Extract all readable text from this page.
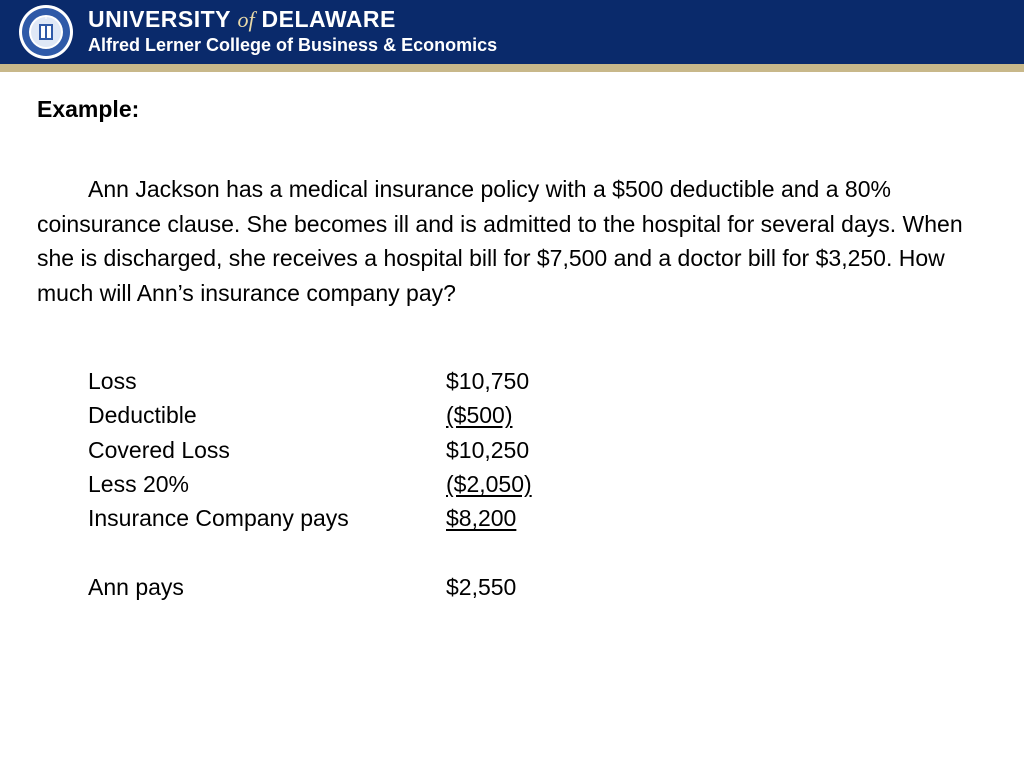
UNIVERSITY of DELAWARE
Alfred Lerner College of Business & Economics

Example:

Ann Jackson has a medical insurance policy with a $500 deductible and a 80% coinsurance clause. She becomes ill and is admitted to the hospital for several days. When she is discharged, she receives a hospital bill for $7,500 and a doctor bill for $3,250. How much will Ann’s insurance company pay?

Loss	$10,750
Deductible	($500)
Covered Loss	$10,250
Less 20%	($2,050)
Insurance Company pays	$8,200
Ann pays	$2,550
